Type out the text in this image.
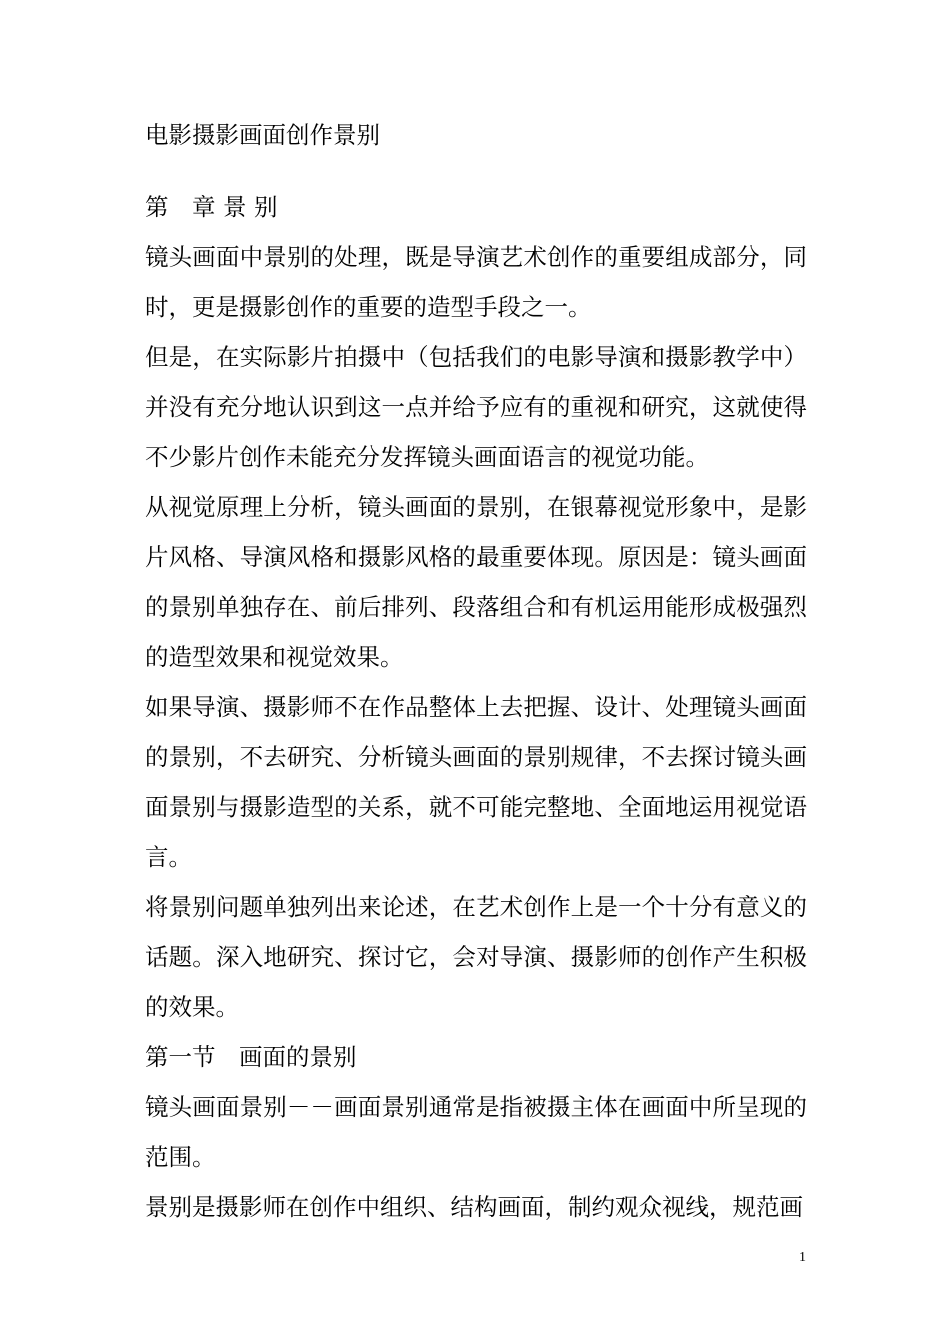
电影摄影画面创作景别

第　章 景 别

镜头画面中景别的处理，既是导演艺术创作的重要组成部分，同时，更是摄影创作的重要的造型手段之一。

但是，在实际影片拍摄中（包括我们的电影导演和摄影教学中）并没有充分地认识到这一点并给予应有的重视和研究，这就使得不少影片创作未能充分发挥镜头画面语言的视觉功能。

从视觉原理上分析，镜头画面的景别，在银幕视觉形象中，是影片风格、导演风格和摄影风格的最重要体现。原因是：镜头画面的景别单独存在、前后排列、段落组合和有机运用能形成极强烈的造型效果和视觉效果。

如果导演、摄影师不在作品整体上去把握、设计、处理镜头画面的景别，不去研究、分析镜头画面的景别规律，不去探讨镜头画面景别与摄影造型的关系，就不可能完整地、全面地运用视觉语言。

将景别问题单独列出来论述，在艺术创作上是一个十分有意义的话题。深入地研究、探讨它，会对导演、摄影师的创作产生积极的效果。

第一节　画面的景别

镜头画面景别－－画面景别通常是指被摄主体在画面中所呈现的范围。

景别是摄影师在创作中组织、结构画面，制约观众视线，规范画

1
